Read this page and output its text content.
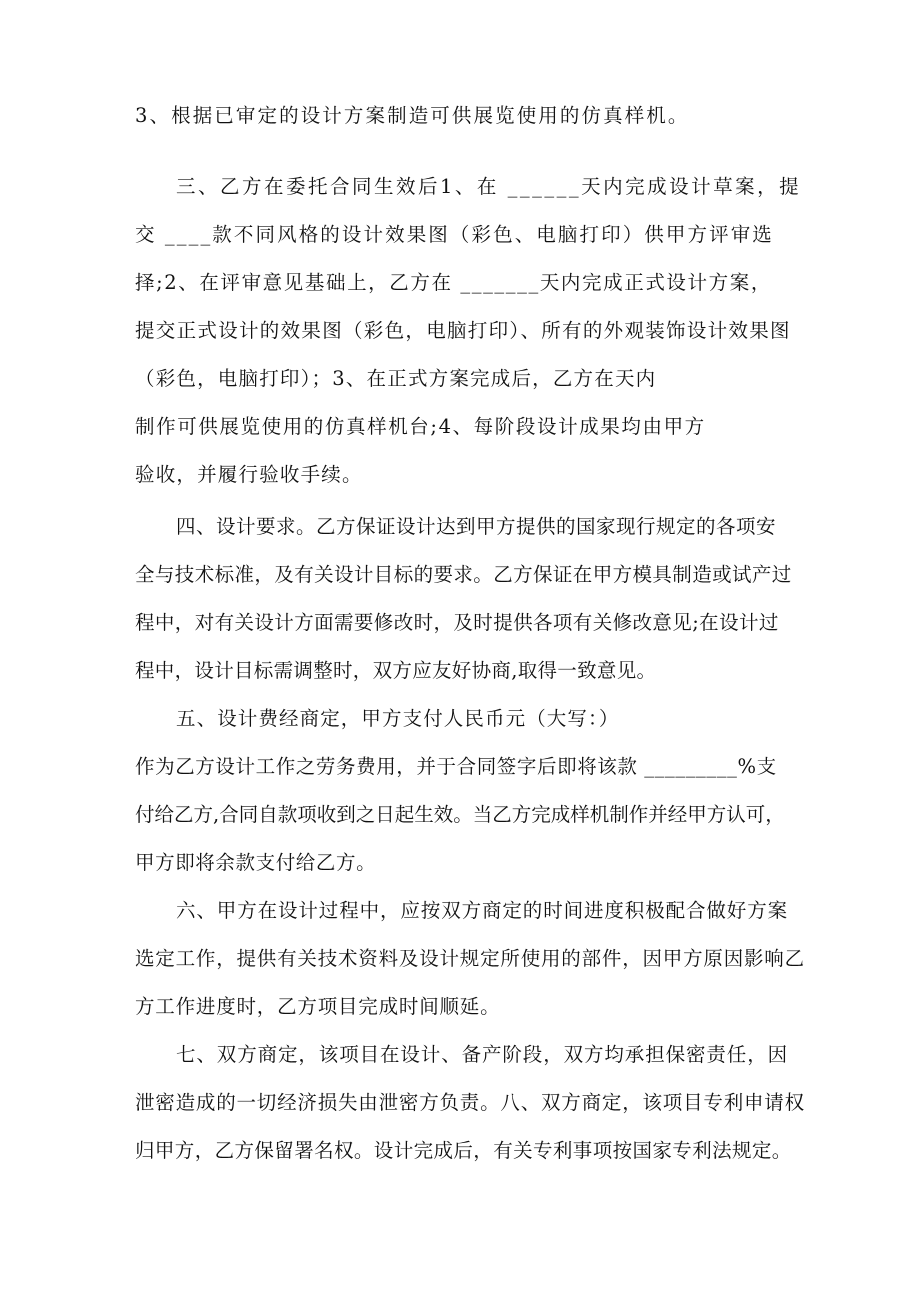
3、根据已审定的设计方案制造可供展览使用的仿真样机。

三、乙方在委托合同生效后1、在 ______天内完成设计草案，提

交 ____款不同风格的设计效果图（彩色、电脑打印）供甲方评审选

择;2、在评审意见基础上，乙方在 _______天内完成正式设计方案，

提交正式设计的效果图（彩色，电脑打印）、所有的外观装饰设计效果图

（彩色，电脑打印）；3、在正式方案完成后，乙方在天内

制作可供展览使用的仿真样机台;4、每阶段设计成果均由甲方

验收，并履行验收手续。

四、设计要求。乙方保证设计达到甲方提供的国家现行规定的各项安

全与技术标准，及有关设计目标的要求。乙方保证在甲方模具制造或试产过

程中，对有关设计方面需要修改时，及时提供各项有关修改意见;在设计过

程中，设计目标需调整时，双方应友好协商,取得一致意见。

五、设计费经商定，甲方支付人民币元（大写：）

作为乙方设计工作之劳务费用，并于合同签字后即将该款 _________%支

付给乙方,合同自款项收到之日起生效。当乙方完成样机制作并经甲方认可，

甲方即将余款支付给乙方。

六、甲方在设计过程中，应按双方商定的时间进度积极配合做好方案

选定工作，提供有关技术资料及设计规定所使用的部件，因甲方原因影响乙

方工作进度时，乙方项目完成时间顺延。

七、双方商定，该项目在设计、备产阶段，双方均承担保密责任，因

泄密造成的一切经济损失由泄密方负责。八、双方商定，该项目专利申请权

归甲方，乙方保留署名权。设计完成后，有关专利事项按国家专利法规定。
